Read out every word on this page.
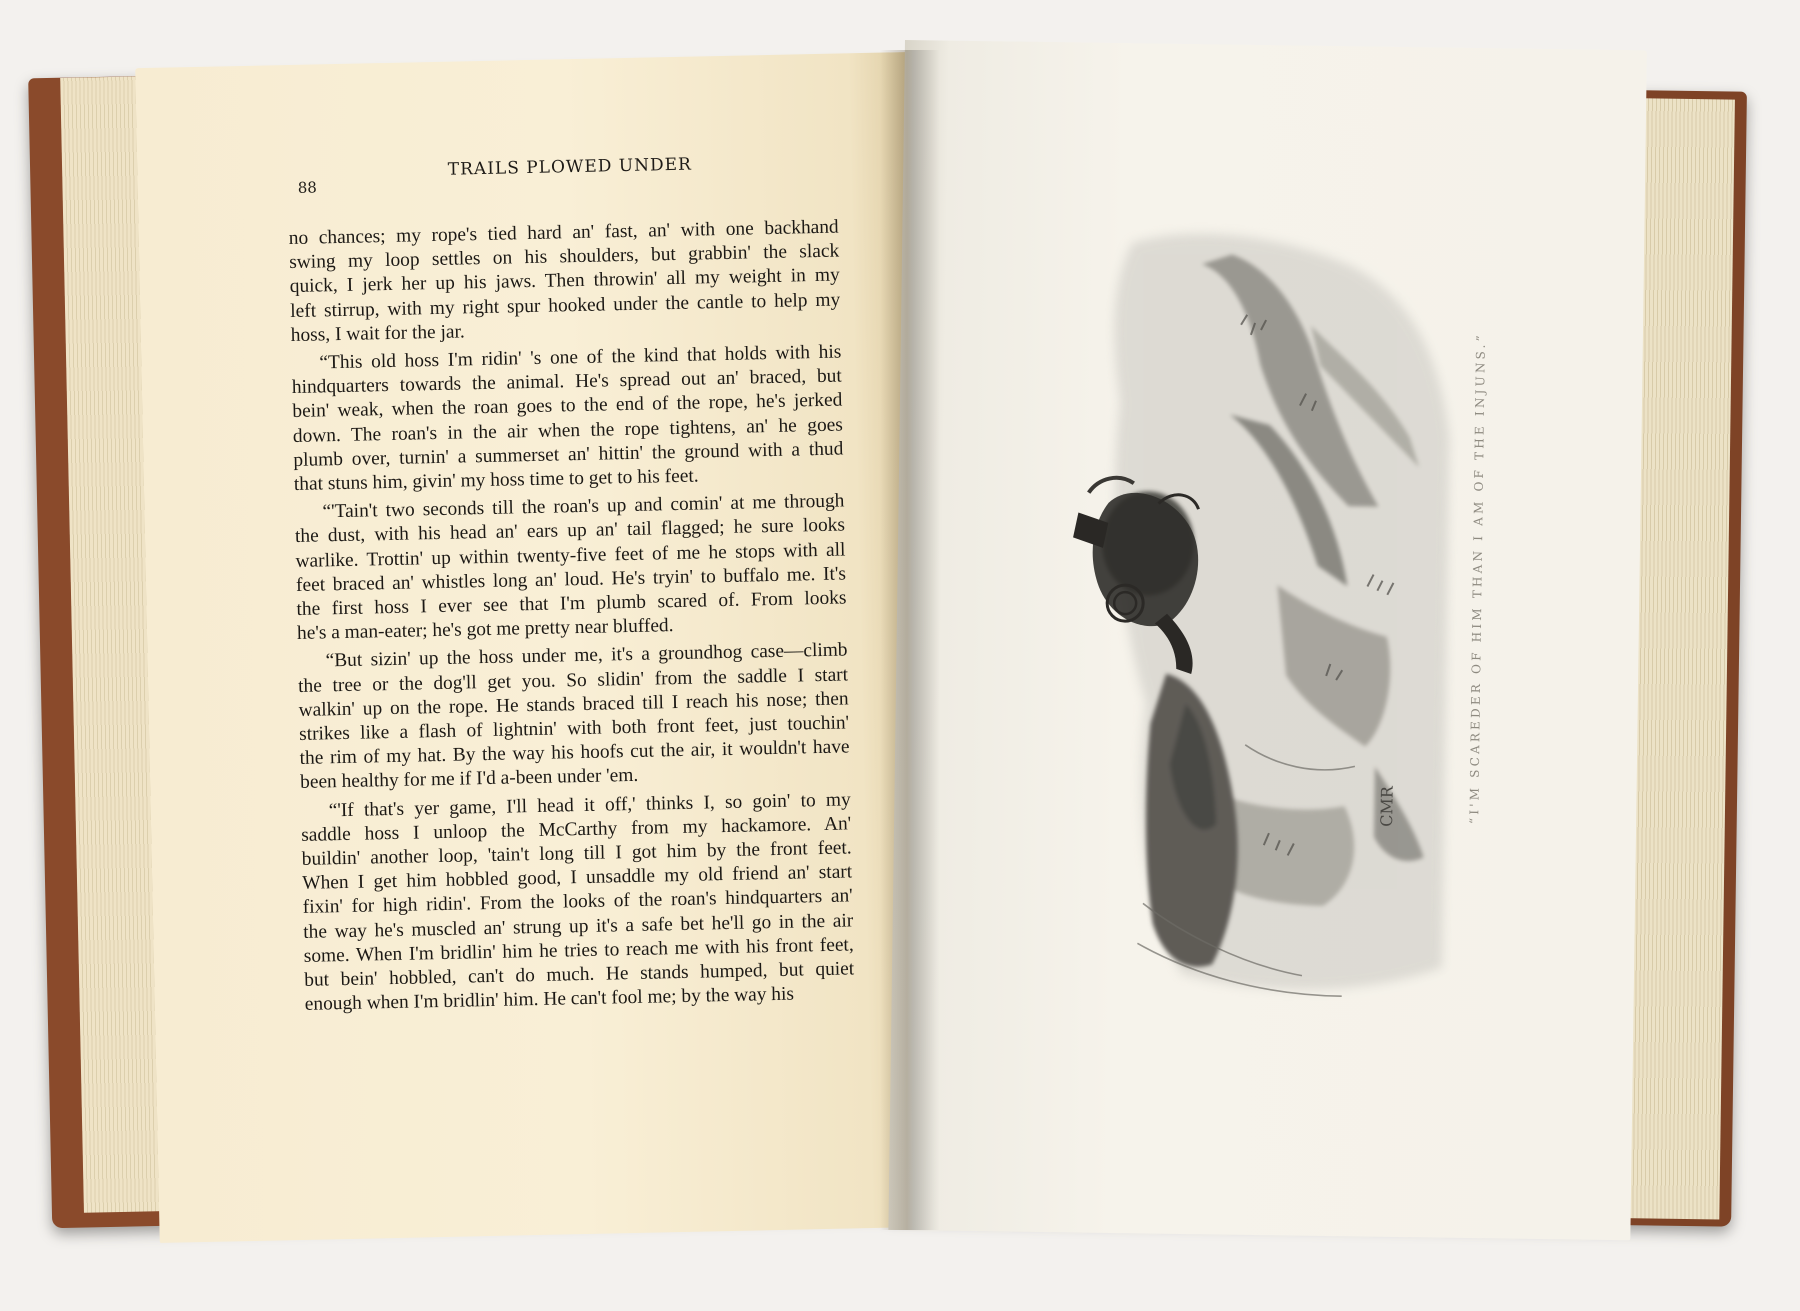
88
TRAILS PLOWED UNDER
no chances; my rope's tied hard an' fast, an' with one backhand
swing my loop settles on his shoulders, but grabbin' the slack
quick, I jerk her up his jaws. Then throwin' all my weight in my
left stirrup, with my right spur hooked under the cantle to help my
hoss, I wait for the jar.
“This old hoss I'm ridin' 's one of the kind that holds with his
hindquarters towards the animal. He's spread out an' braced, but
bein' weak, when the roan goes to the end of the rope, he's jerked
down. The roan's in the air when the rope tightens, an' he goes
plumb over, turnin' a summerset an' hittin' the ground with a thud
that stuns him, givin' my hoss time to get to his feet.
“'Tain't two seconds till the roan's up and comin' at me through
the dust, with his head an' ears up an' tail flagged; he sure looks
warlike. Trottin' up within twenty-five feet of me he stops with all
feet braced an' whistles long an' loud. He's tryin' to buffalo me. It's
the first hoss I ever see that I'm plumb scared of. From looks
he's a man-eater; he's got me pretty near bluffed.
“But sizin' up the hoss under me, it's a groundhog case—climb
the tree or the dog'll get you. So slidin' from the saddle I start
walkin' up on the rope. He stands braced till I reach his nose; then
strikes like a flash of lightnin' with both front feet, just touchin'
the rim of my hat. By the way his hoofs cut the air, it wouldn't have
been healthy for me if I'd a-been under 'em.
“'If that's yer game, I'll head it off,' thinks I, so goin' to my
saddle hoss I unloop the McCarthy from my hackamore. An'
buildin' another loop, 'tain't long till I got him by the front feet.
When I get him hobbled good, I unsaddle my old friend an' start
fixin' for high ridin'. From the looks of the roan's hindquarters an'
the way he's muscled an' strung up it's a safe bet he'll go in the air
some. When I'm bridlin' him he tries to reach me with his front feet,
but bein' hobbled, can't do much. He stands humped, but quiet
enough when I'm bridlin' him. He can't fool me; by the way his
CMR	“I'M SCAREDER OF HIM THAN I AM OF THE INJUNS.”
